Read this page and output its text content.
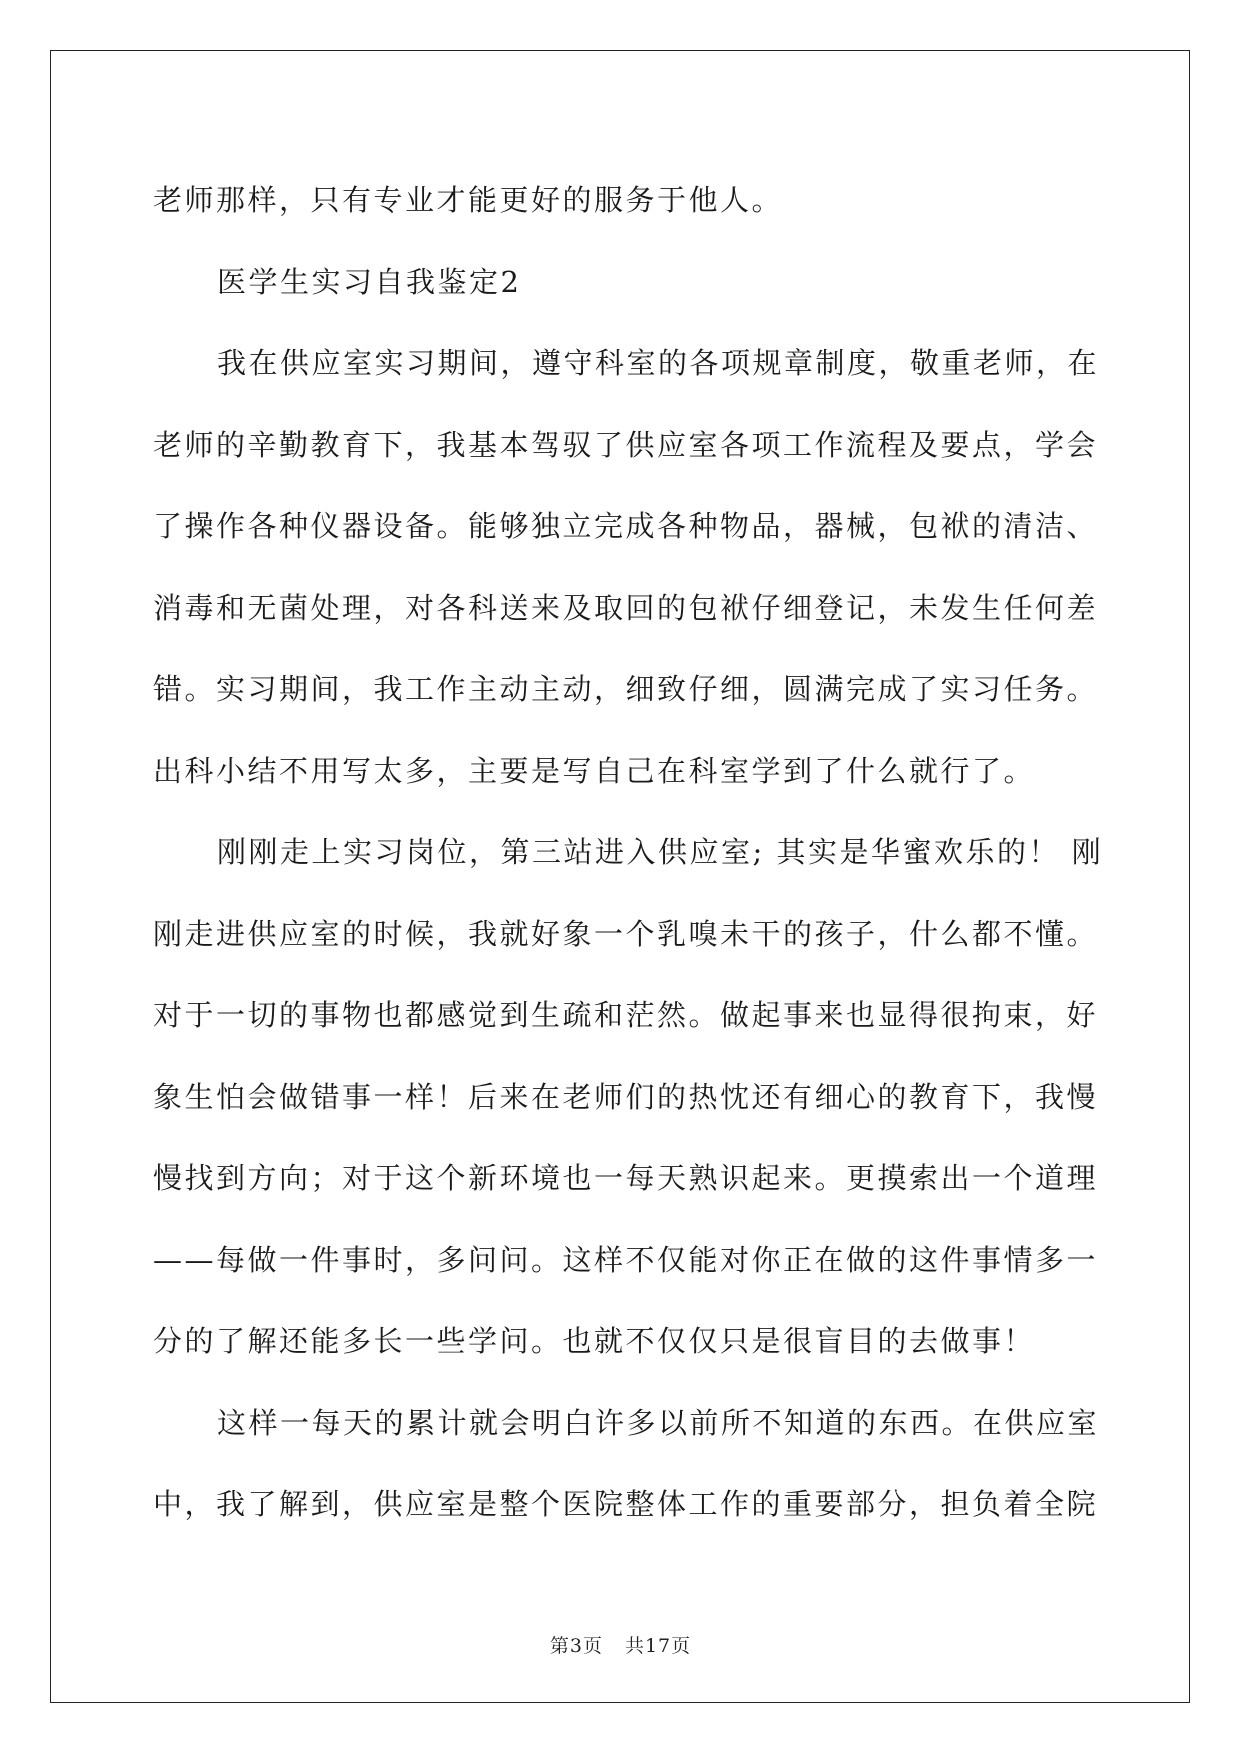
老师那样，只有专业才能更好的服务于他人。
医学生实习自我鉴定2
我在供应室实习期间，遵守科室的各项规章制度，敬重老师，在
老师的辛勤教育下，我基本驾驭了供应室各项工作流程及要点，学会
了操作各种仪器设备。能够独立完成各种物品，器械，包袱的清洁、
消毒和无菌处理，对各科送来及取回的包袱仔细登记，未发生任何差
错。实习期间，我工作主动主动，细致仔细，圆满完成了实习任务。
出科小结不用写太多，主要是写自己在科室学到了什么就行了。
刚刚走上实习岗位，第三站进入供应室; 其实是华蜜欢乐的！ 刚
刚走进供应室的时候，我就好象一个乳嗅未干的孩子，什么都不懂。
对于一切的事物也都感觉到生疏和茫然。做起事来也显得很拘束，好
象生怕会做错事一样！后来在老师们的热忱还有细心的教育下，我慢
慢找到方向；对于这个新环境也一每天熟识起来。更摸索出一个道理
——每做一件事时，多问问。这样不仅能对你正在做的这件事情多一
分的了解还能多长一些学问。也就不仅仅只是很盲目的去做事！
这样一每天的累计就会明白许多以前所不知道的东西。在供应室
中，我了解到，供应室是整个医院整体工作的重要部分，担负着全院
第3页 共17页
